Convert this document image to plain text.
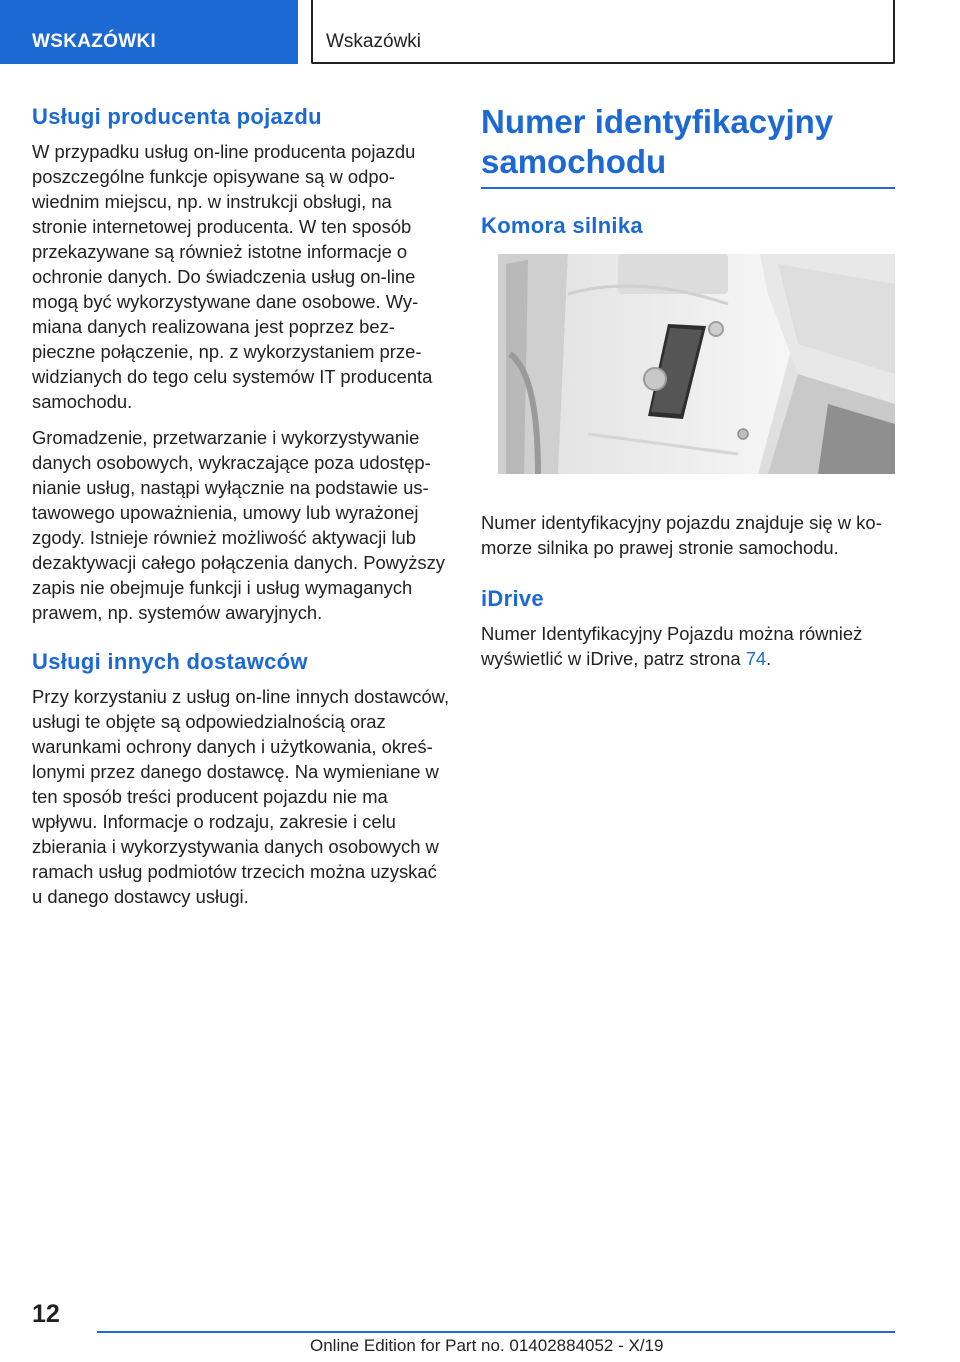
WSKAZÓWKI	Wskazówki
Usługi producenta pojazdu

W przypadku usług on-line producenta pojazdu poszczególne funkcje opisywane są w odpowiednim miejscu, np. w instrukcji obsługi, na stronie internetowej producenta. W ten sposób przekazywane są również istotne informacje o ochronie danych. Do świadczenia usług on-line mogą być wykorzystywane dane osobowe. Wymiana danych realizowana jest poprzez bezpieczne połączenie, np. z wykorzystaniem przewidzianych do tego celu systemów IT producenta samochodu.

Gromadzenie, przetwarzanie i wykorzystywanie danych osobowych, wykraczające poza udostępnianie usług, nastąpi wyłącznie na podstawie ustawowego upoważnienia, umowy lub wyrażonej zgody. Istnieje również możliwość aktywacji lub dezaktywacji całego połączenia danych. Powyższy zapis nie obejmuje funkcji i usług wymaganych prawem, np. systemów awaryjnych.

Usługi innych dostawców

Przy korzystaniu z usług on-line innych dostawców, usługi te objęte są odpowiedzialnością oraz warunkami ochrony danych i użytkowania, określonymi przez danego dostawcę. Na wymieniane w ten sposób treści producent pojazdu nie ma wpływu. Informacje o rodzaju, zakresie i celu zbierania i wykorzystywania danych osobowych w ramach usług podmiotów trzecich można uzyskać u danego dostawcy usługi.

Numer identyfikacyjny samochodu
Komora silnika

Numer identyfikacyjny pojazdu znajduje się w komorze silnika po prawej stronie samochodu.

iDrive

Numer Identyfikacyjny Pojazdu można również wyświetlić w iDrive, patrz strona 74.

12
Online Edition for Part no. 01402884052 - X/19
